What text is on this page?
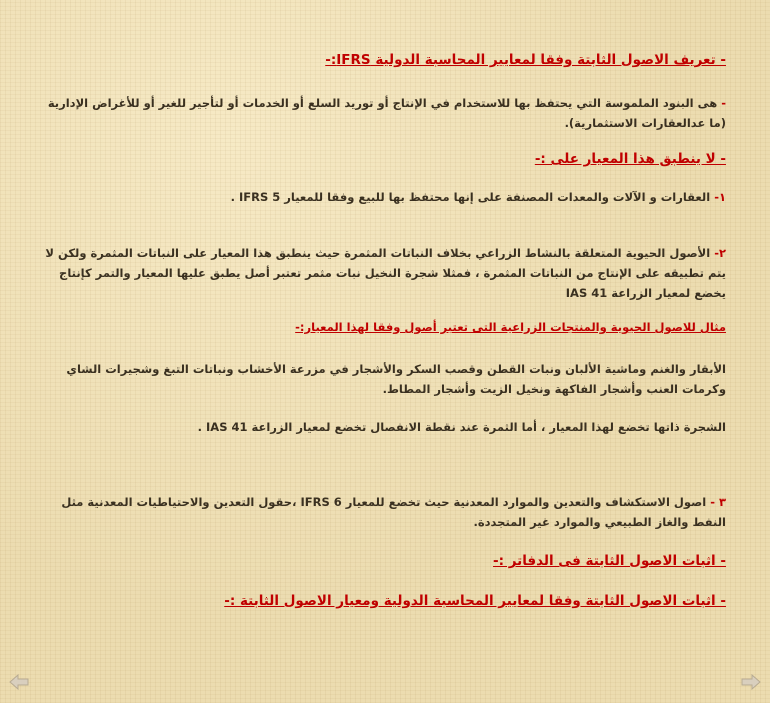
- تعريف الاصول الثابتة وفقا لمعايير المحاسبة الدولية IFRS:-
- هى البنود الملموسة التي يحتفظ بها للاستخدام في الإنتاج أو توريد السلع أو الخدمات أو لتأجير للغير أو للأغراض الإدارية (ما عدالعقارات الاستثمارية).
- لا ينطبق هذا المعيار على :-
١- العقارات و الآلات والمعدات المصنفة على إنها محتفظ بها للبيع وفقا للمعيار IFRS 5 .
٢- الأصول الحيوية المتعلقة بالنشاط الزراعي بخلاف النباتات المثمرة حيث ينطبق هذا المعيار على النباتات المثمرة ولكن لا يتم تطبيقه على الإنتاج من النباتات المثمرة ، فمثلا شجرة النخيل نبات مثمر تعتبر أصل يطبق عليها المعيار والتمر كإنتاج يخضع لمعيار الزراعة IAS 41
مثال للاصول الحيوية والمنتجات الزراعية التى تعتبر أصول وفقا لهذا المعيار:-
الأبقار والغنم وماشية الألبان ونبات القطن وقصب السكر والأشجار في مزرعة الأخشاب ونباتات التبغ وشجيرات الشاي وكرمات العنب وأشجار الفاكهة ونخيل الزيت وأشجار المطاط.
الشجرة ذاتها تخضع لهذا المعيار ، أما الثمرة عند نقطة الانفصال تخضع لمعيار الزراعة IAS 41 .
٣ - اصول الاستكشاف والتعدين والموارد المعدنية حيث تخضع للمعيار IFRS 6 ،حقول التعدين والاحتياطيات المعدنية مثل النفط والغاز الطبيعي والموارد غير المتجددة.
- اثبات الاصول الثابتة فى الدفاتر :-
- اثبات الاصول الثابتة وفقا لمعايير المحاسبة الدولية ومعيار الاصول الثابتة :-
